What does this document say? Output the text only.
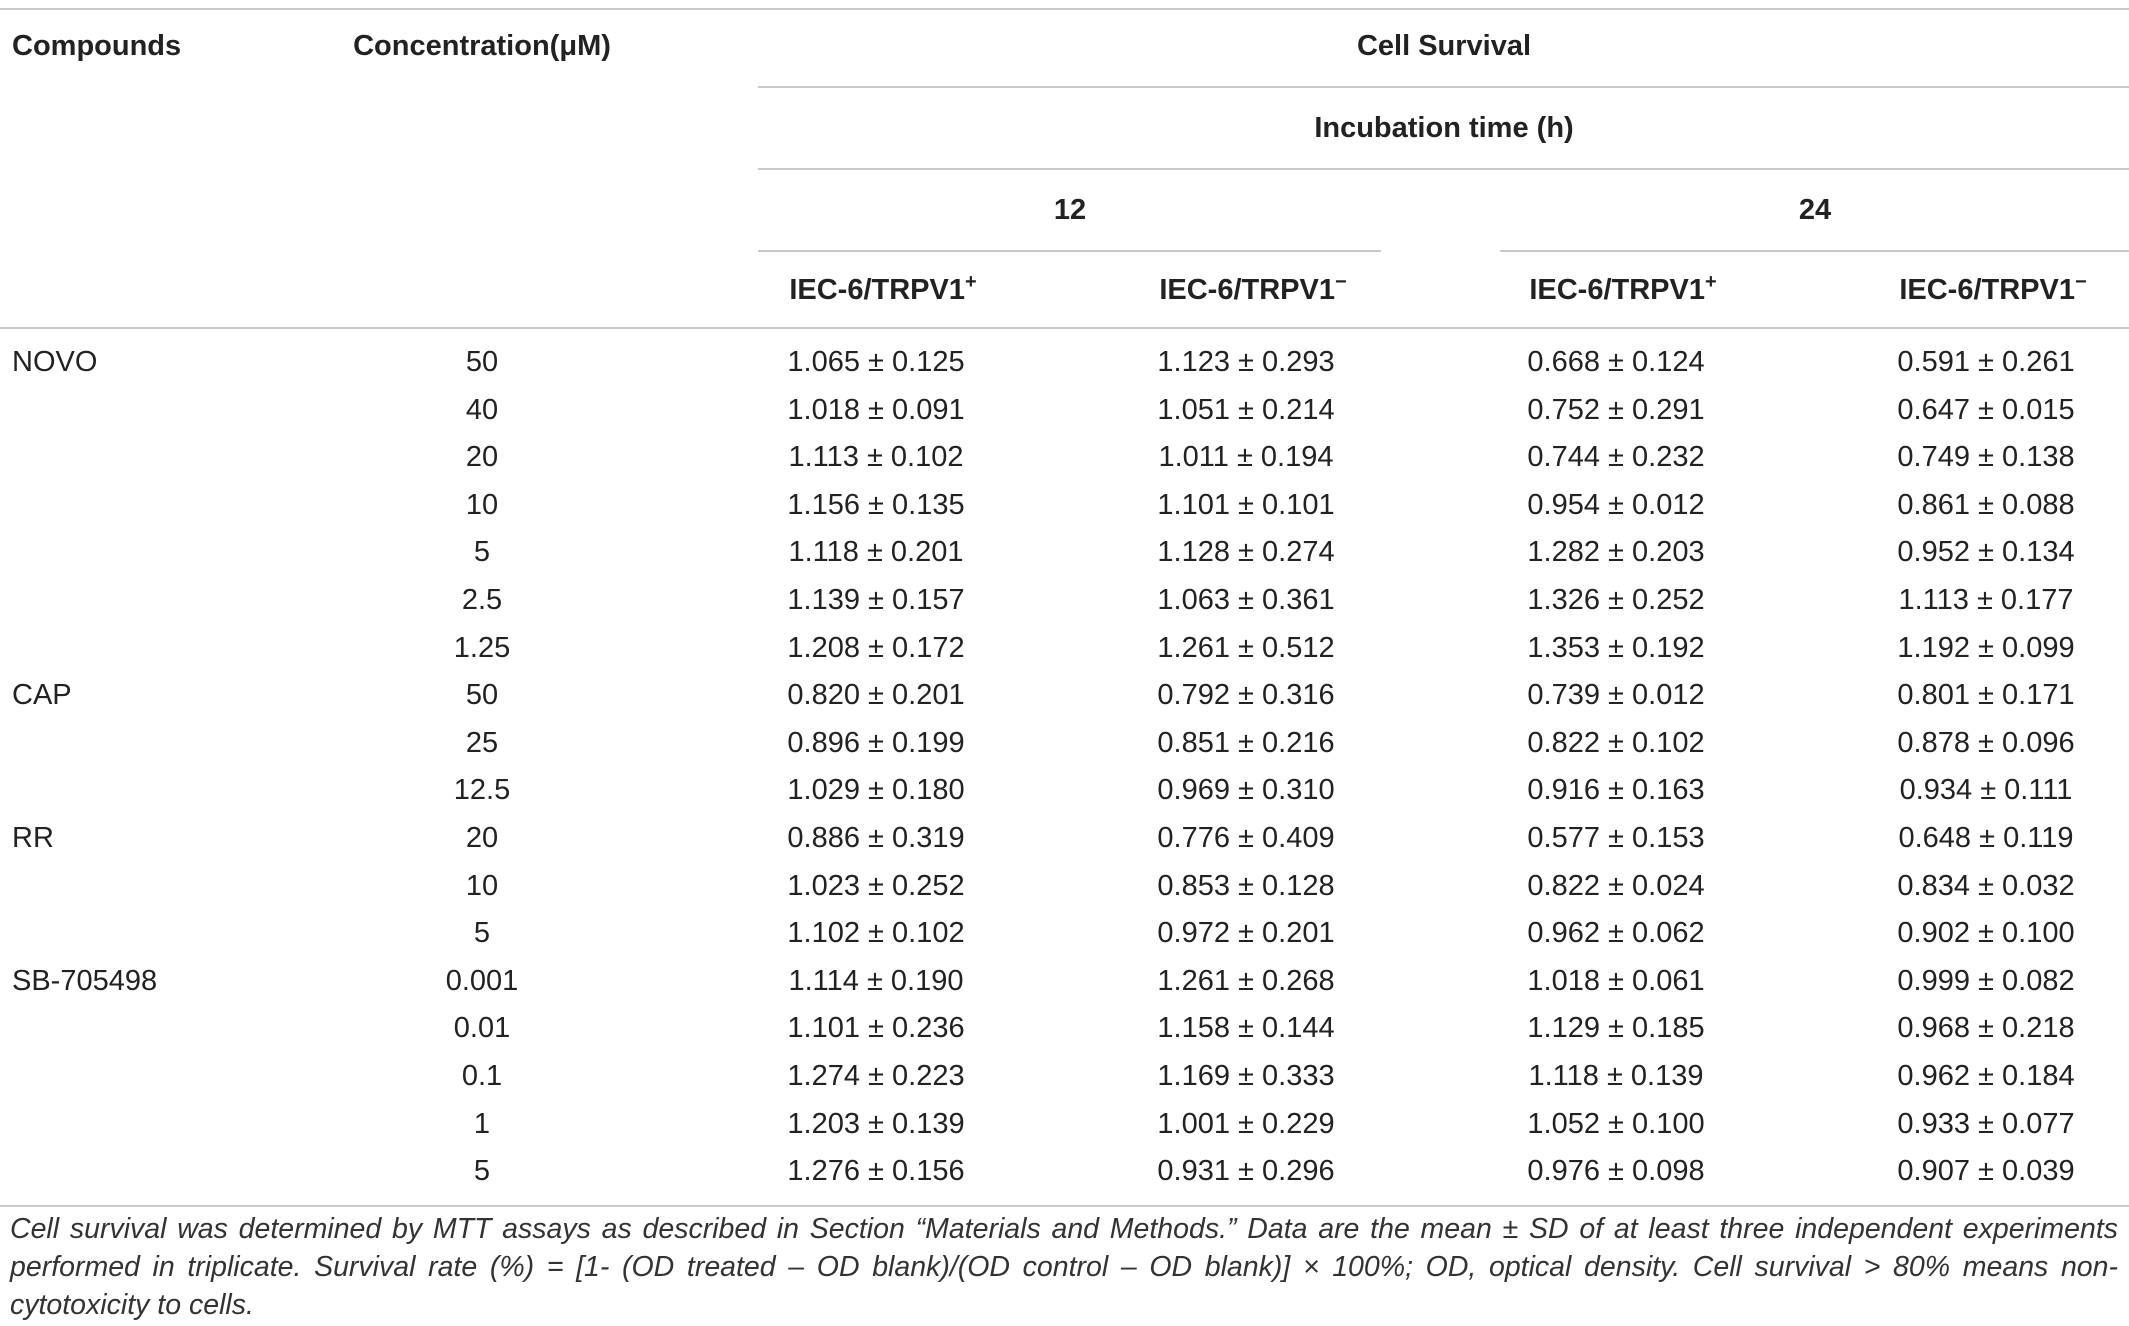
Compounds	Concentration(μM)	Cell Survival
Incubation time (h)
12	24
IEC-6/TRPV1+	IEC-6/TRPV1−	IEC-6/TRPV1+	IEC-6/TRPV1−
NOVO	50	1.065 ± 0.125	1.123 ± 0.293	0.668 ± 0.124	0.591 ± 0.261
40	1.018 ± 0.091	1.051 ± 0.214	0.752 ± 0.291	0.647 ± 0.015
20	1.113 ± 0.102	1.011 ± 0.194	0.744 ± 0.232	0.749 ± 0.138
10	1.156 ± 0.135	1.101 ± 0.101	0.954 ± 0.012	0.861 ± 0.088
5	1.118 ± 0.201	1.128 ± 0.274	1.282 ± 0.203	0.952 ± 0.134
2.5	1.139 ± 0.157	1.063 ± 0.361	1.326 ± 0.252	1.113 ± 0.177
1.25	1.208 ± 0.172	1.261 ± 0.512	1.353 ± 0.192	1.192 ± 0.099
CAP	50	0.820 ± 0.201	0.792 ± 0.316	0.739 ± 0.012	0.801 ± 0.171
25	0.896 ± 0.199	0.851 ± 0.216	0.822 ± 0.102	0.878 ± 0.096
12.5	1.029 ± 0.180	0.969 ± 0.310	0.916 ± 0.163	0.934 ± 0.111
RR	20	0.886 ± 0.319	0.776 ± 0.409	0.577 ± 0.153	0.648 ± 0.119
10	1.023 ± 0.252	0.853 ± 0.128	0.822 ± 0.024	0.834 ± 0.032
5	1.102 ± 0.102	0.972 ± 0.201	0.962 ± 0.062	0.902 ± 0.100
SB-705498	0.001	1.114 ± 0.190	1.261 ± 0.268	1.018 ± 0.061	0.999 ± 0.082
0.01	1.101 ± 0.236	1.158 ± 0.144	1.129 ± 0.185	0.968 ± 0.218
0.1	1.274 ± 0.223	1.169 ± 0.333	1.118 ± 0.139	0.962 ± 0.184
1	1.203 ± 0.139	1.001 ± 0.229	1.052 ± 0.100	0.933 ± 0.077
5	1.276 ± 0.156	0.931 ± 0.296	0.976 ± 0.098	0.907 ± 0.039
Cell survival was determined by MTT assays as described in Section “Materials and Methods.” Data are the mean ± SD of at least three independent experiments performed in triplicate. Survival rate (%) = [1- (OD treated – OD blank)/(OD control – OD blank)] × 100%; OD, optical density. Cell survival > 80% means non-cytotoxicity to cells.
